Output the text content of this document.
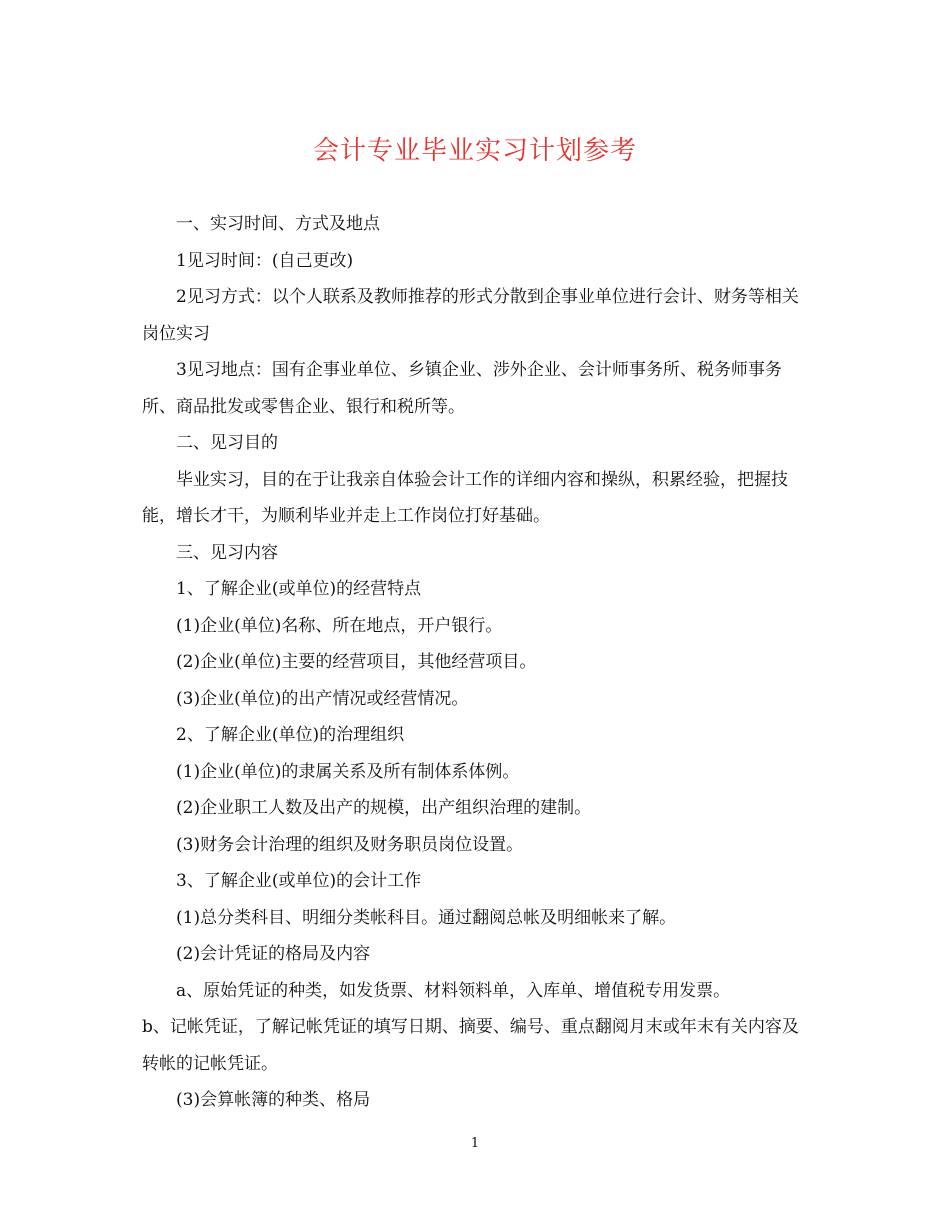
会计专业毕业实习计划参考

一、实习时间、方式及地点

1见习时间：(自己更改)

2见习方式：以个人联系及教师推荐的形式分散到企事业单位进行会计、财务等相关岗位实习

3见习地点：国有企事业单位、乡镇企业、涉外企业、会计师事务所、税务师事务所、商品批发或零售企业、银行和税所等。

二、见习目的

毕业实习，目的在于让我亲自体验会计工作的详细内容和操纵，积累经验，把握技能，增长才干，为顺利毕业并走上工作岗位打好基础。

三、见习内容

1、了解企业(或单位)的经营特点

(1)企业(单位)名称、所在地点，开户银行。

(2)企业(单位)主要的经营项目，其他经营项目。

(3)企业(单位)的出产情况或经营情况。

2、了解企业(单位)的治理组织

(1)企业(单位)的隶属关系及所有制体系体例。

(2)企业职工人数及出产的规模，出产组织治理的建制。

(3)财务会计治理的组织及财务职员岗位设置。

3、了解企业(或单位)的会计工作

(1)总分类科目、明细分类帐科目。通过翻阅总帐及明细帐来了解。

(2)会计凭证的格局及内容

a、原始凭证的种类，如发货票、材料领料单，入库单、增值税专用发票。

b、记帐凭证，了解记帐凭证的填写日期、摘要、编号、重点翻阅月末或年末有关内容及转帐的记帐凭证。

(3)会算帐簿的种类、格局

1
